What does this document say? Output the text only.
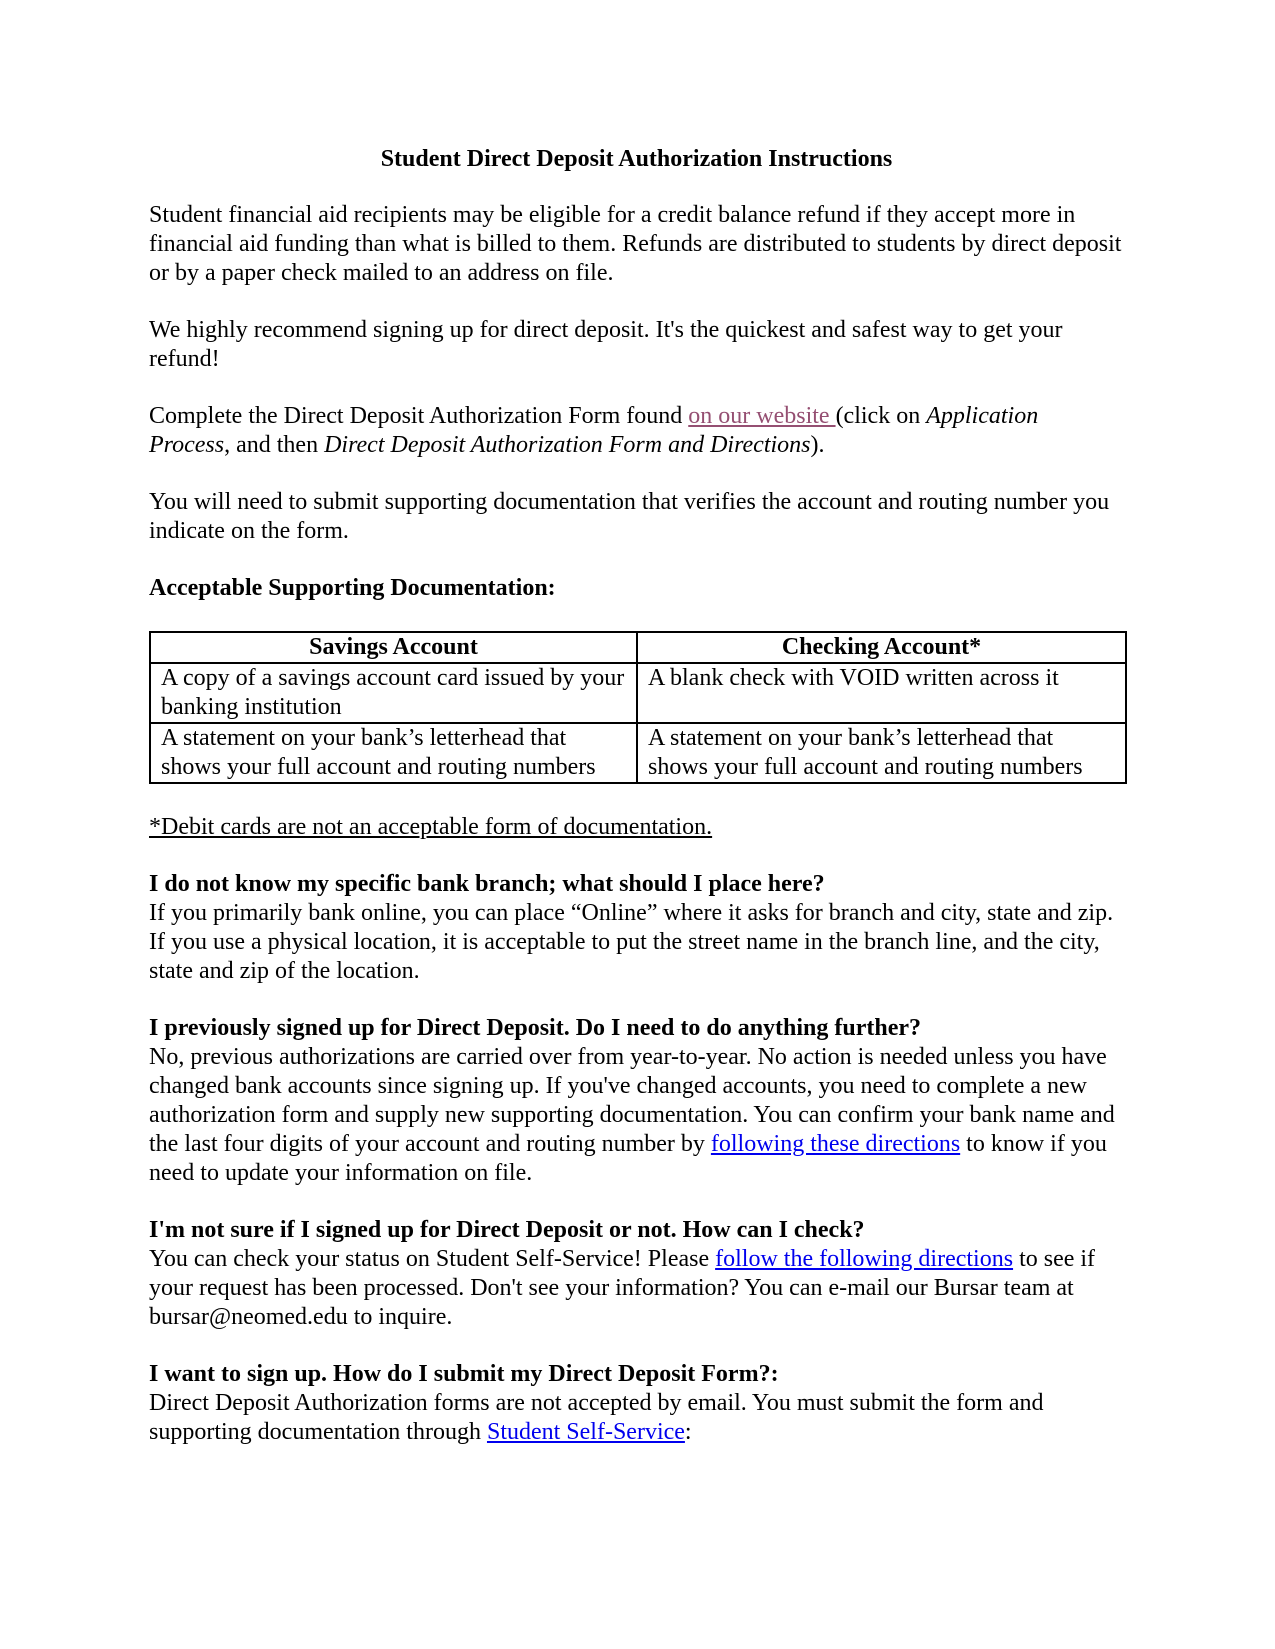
Student Direct Deposit Authorization Instructions

Student financial aid recipients may be eligible for a credit balance refund if they accept more in financial aid funding than what is billed to them. Refunds are distributed to students by direct deposit or by a paper check mailed to an address on file.

We highly recommend signing up for direct deposit. It's the quickest and safest way to get your refund!

Complete the Direct Deposit Authorization Form found on our website (click on Application Process, and then Direct Deposit Authorization Form and Directions).

You will need to submit supporting documentation that verifies the account and routing number you indicate on the form.

Acceptable Supporting Documentation:

Savings Account	Checking Account*
A copy of a savings account card issued by your banking institution	A blank check with VOID written across it
A statement on your bank’s letterhead that shows your full account and routing numbers	A statement on your bank’s letterhead that shows your full account and routing numbers

*Debit cards are not an acceptable form of documentation.

I do not know my specific bank branch; what should I place here?

If you primarily bank online, you can place “Online” where it asks for branch and city, state and zip. If you use a physical location, it is acceptable to put the street name in the branch line, and the city, state and zip of the location.

I previously signed up for Direct Deposit. Do I need to do anything further?

No, previous authorizations are carried over from year-to-year. No action is needed unless you have changed bank accounts since signing up. If you've changed accounts, you need to complete a new authorization form and supply new supporting documentation. You can confirm your bank name and the last four digits of your account and routing number by following these directions to know if you need to update your information on file.

I'm not sure if I signed up for Direct Deposit or not. How can I check?

You can check your status on Student Self-Service! Please follow the following directions to see if your request has been processed. Don't see your information? You can e-mail our Bursar team at bursar@neomed.edu to inquire.

I want to sign up. How do I submit my Direct Deposit Form?:

Direct Deposit Authorization forms are not accepted by email. You must submit the form and supporting documentation through Student Self-Service:
